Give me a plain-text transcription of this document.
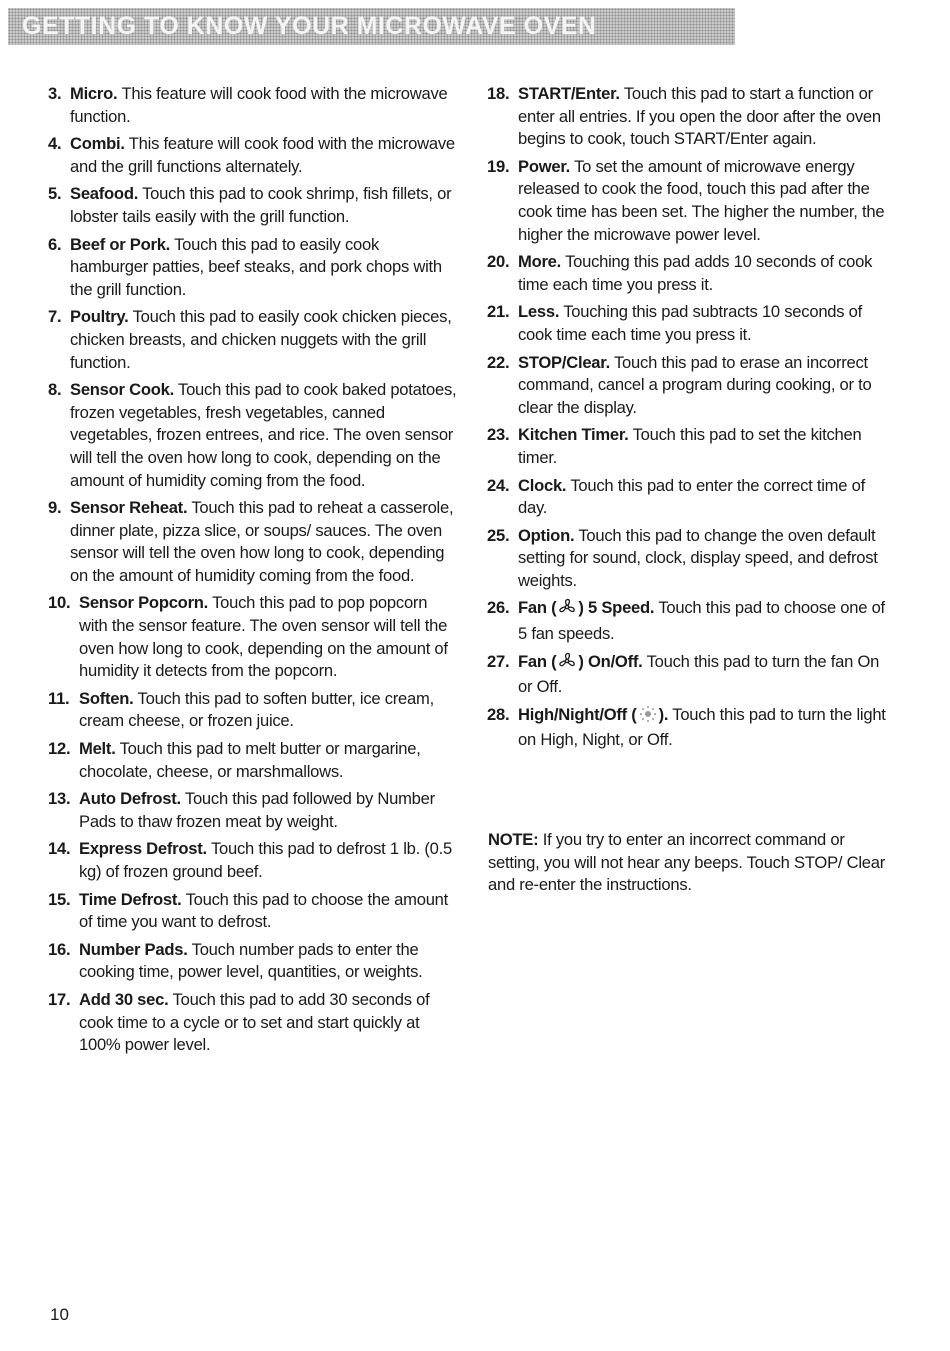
GETTING TO KNOW YOUR MICROWAVE OVEN
3. Micro. This feature will cook food with the microwave function.
4. Combi. This feature will cook food with the microwave and the grill functions alternately.
5. Seafood. Touch this pad to cook shrimp, fish fillets, or lobster tails easily with the grill function.
6. Beef or Pork. Touch this pad to easily cook hamburger patties, beef steaks, and pork chops with the grill function.
7. Poultry. Touch this pad to easily cook chicken pieces, chicken breasts, and chicken nuggets with the grill function.
8. Sensor Cook. Touch this pad to cook baked potatoes, frozen vegetables, fresh vegetables, canned vegetables, frozen entrees, and rice. The oven sensor will tell the oven how long to cook, depending on the amount of humidity coming from the food.
9. Sensor Reheat. Touch this pad to reheat a casserole, dinner plate, pizza slice, or soups/ sauces. The oven sensor will tell the oven how long to cook, depending on the amount of humidity coming from the food.
10. Sensor Popcorn. Touch this pad to pop popcorn with the sensor feature. The oven sensor will tell the oven how long to cook, depending on the amount of humidity it detects from the popcorn.
11. Soften. Touch this pad to soften butter, ice cream, cream cheese, or frozen juice.
12. Melt. Touch this pad to melt butter or margarine, chocolate, cheese, or marshmallows.
13. Auto Defrost. Touch this pad followed by Number Pads to thaw frozen meat by weight.
14. Express Defrost. Touch this pad to defrost 1 lb. (0.5 kg) of frozen ground beef.
15. Time Defrost. Touch this pad to choose the amount of time you want to defrost.
16. Number Pads. Touch number pads to enter the cooking time, power level, quantities, or weights.
17. Add 30 sec. Touch this pad to add 30 seconds of cook time to a cycle or to set and start quickly at 100% power level.
18. START/Enter. Touch this pad to start a function or enter all entries. If you open the door after the oven begins to cook, touch START/Enter again.
19. Power. To set the amount of microwave energy released to cook the food, touch this pad after the cook time has been set. The higher the number, the higher the microwave power level.
20. More. Touching this pad adds 10 seconds of cook time each time you press it.
21. Less. Touching this pad subtracts 10 seconds of cook time each time you press it.
22. STOP/Clear. Touch this pad to erase an incorrect command, cancel a program during cooking, or to clear the display.
23. Kitchen Timer. Touch this pad to set the kitchen timer.
24. Clock. Touch this pad to enter the correct time of day.
25. Option. Touch this pad to change the oven default setting for sound, clock, display speed, and defrost weights.
26. Fan ( ) 5 Speed. Touch this pad to choose one of 5 fan speeds.
27. Fan ( ) On/Off. Touch this pad to turn the fan On or Off.
28. High/Night/Off ( ). Touch this pad to turn the light on High, Night, or Off.
NOTE: If you try to enter an incorrect command or setting, you will not hear any beeps. Touch STOP/ Clear and re-enter the instructions.
10
